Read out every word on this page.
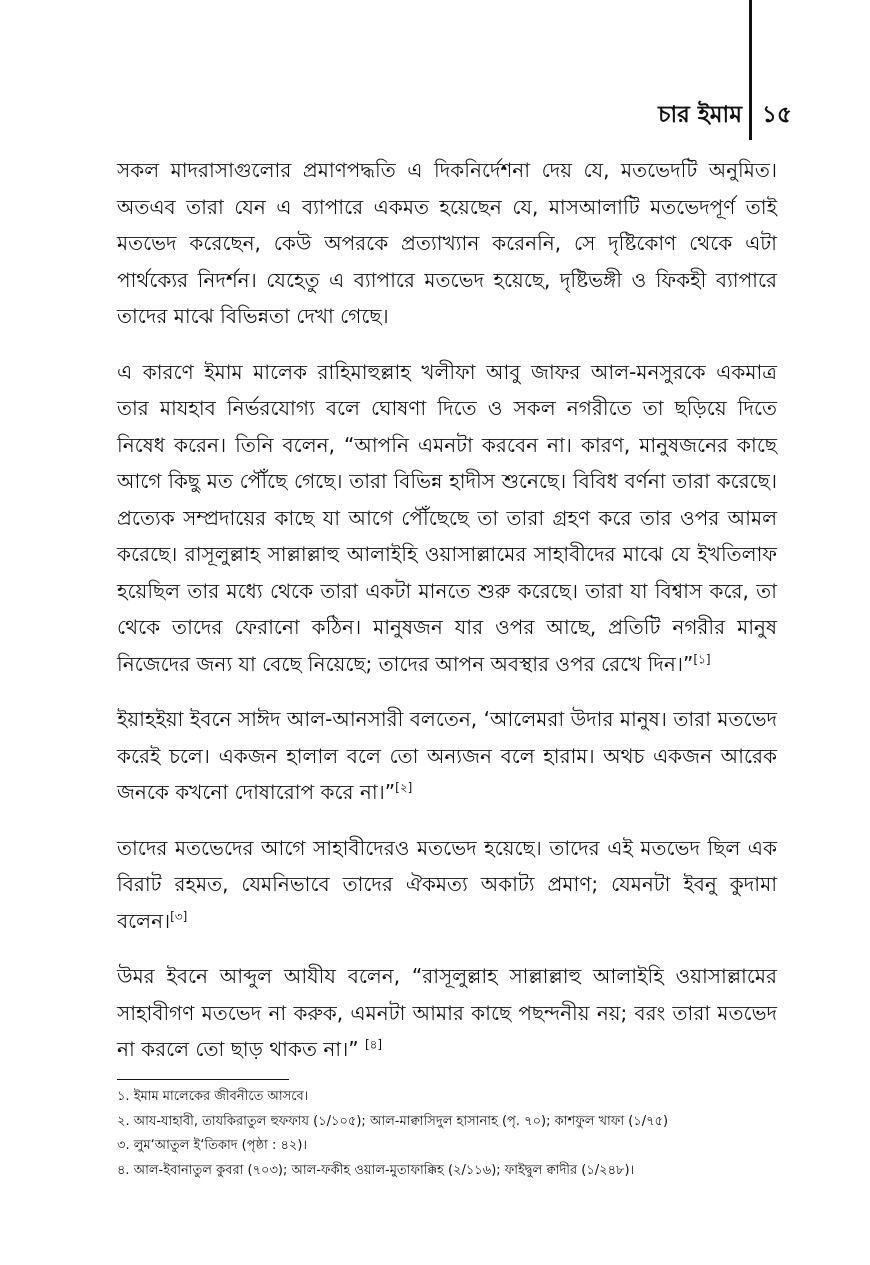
চার ইমাম ১৫

সকল মাদরাসাগুলোর প্রমাণপদ্ধতি এ দিকনির্দেশনা দেয় যে, মতভেদটি অনুমিত। অতএব তারা যেন এ ব্যাপারে একমত হয়েছেন যে, মাসআলাটি মতভেদপূর্ণ তাই মতভেদ করেছেন, কেউ অপরকে প্রত্যাখ্যান করেননি, সে দৃষ্টিকোণ থেকে এটা পার্থক্যের নিদর্শন। যেহেতু এ ব্যাপারে মতভেদ হয়েছে, দৃষ্টিভঙ্গী ও ফিকহী ব্যাপারে তাদের মাঝে বিভিন্নতা দেখা গেছে।

এ কারণে ইমাম মালেক রাহিমাহুল্লাহ খলীফা আবু জাফর আল-মনসুরকে একমাত্র তার মাযহাব নির্ভরযোগ্য বলে ঘোষণা দিতে ও সকল নগরীতে তা ছড়িয়ে দিতে নিষেধ করেন। তিনি বলেন, “আপনি এমনটা করবেন না। কারণ, মানুষজনের কাছে আগে কিছু মত পৌঁছে গেছে। তারা বিভিন্ন হাদীস শুনেছে। বিবিধ বর্ণনা তারা করেছে। প্রত্যেক সম্প্রদায়ের কাছে যা আগে পৌঁছেছে তা তারা গ্রহণ করে তার ওপর আমল করেছে। রাসূলুল্লাহ সাল্লাল্লাহু আলাইহি ওয়াসাল্লামের সাহাবীদের মাঝে যে ইখতিলাফ হয়েছিল তার মধ্যে থেকে তারা একটা মানতে শুরু করেছে। তারা যা বিশ্বাস করে, তা থেকে তাদের ফেরানো কঠিন। মানুষজন যার ওপর আছে, প্রতিটি নগরীর মানুষ নিজেদের জন্য যা বেছে নিয়েছে; তাদের আপন অবস্থার ওপর রেখে দিন।”[১]

ইয়াহইয়া ইবনে সাঈদ আল-আনসারী বলতেন, ‘আলেমরা উদার মানুষ। তারা মতভেদ করেই চলে। একজন হালাল বলে তো অন্যজন বলে হারাম। অথচ একজন আরেক জনকে কখনো দোষারোপ করে না।”[২]

তাদের মতভেদের আগে সাহাবীদেরও মতভেদ হয়েছে। তাদের এই মতভেদ ছিল এক বিরাট রহমত, যেমনিভাবে তাদের ঐকমত্য অকাট্য প্রমাণ; যেমনটা ইবনু কুদামা বলেন।[৩]

উমর ইবনে আব্দুল আযীয বলেন, “রাসূলুল্লাহ সাল্লাল্লাহু আলাইহি ওয়াসাল্লামের সাহাবীগণ মতভেদ না করুক, এমনটা আমার কাছে পছন্দনীয় নয়; বরং তারা মতভেদ না করলে তো ছাড় থাকত না।” [৪]

১. ইমাম মালেকের জীবনীতে আসবে।

২. আয-যাহাবী, তাযকিরাতুল হুফফায (১/১০৫); আল-মাক্বাসিদুল হাসানাহ (পৃ. ৭০); কাশফুল খাফা (১/৭৫)

৩. লুম‘আতুল ই‘তিকাদ (পৃষ্ঠা : ৪২)।

৪. আল-ইবানাতুল কুবরা (৭০৩); আল-ফকীহ ওয়াল-মুতাফাক্কিহ (২/১১৬); ফাইদ্বুল ক্বাদীর (১/২৪৮)।
